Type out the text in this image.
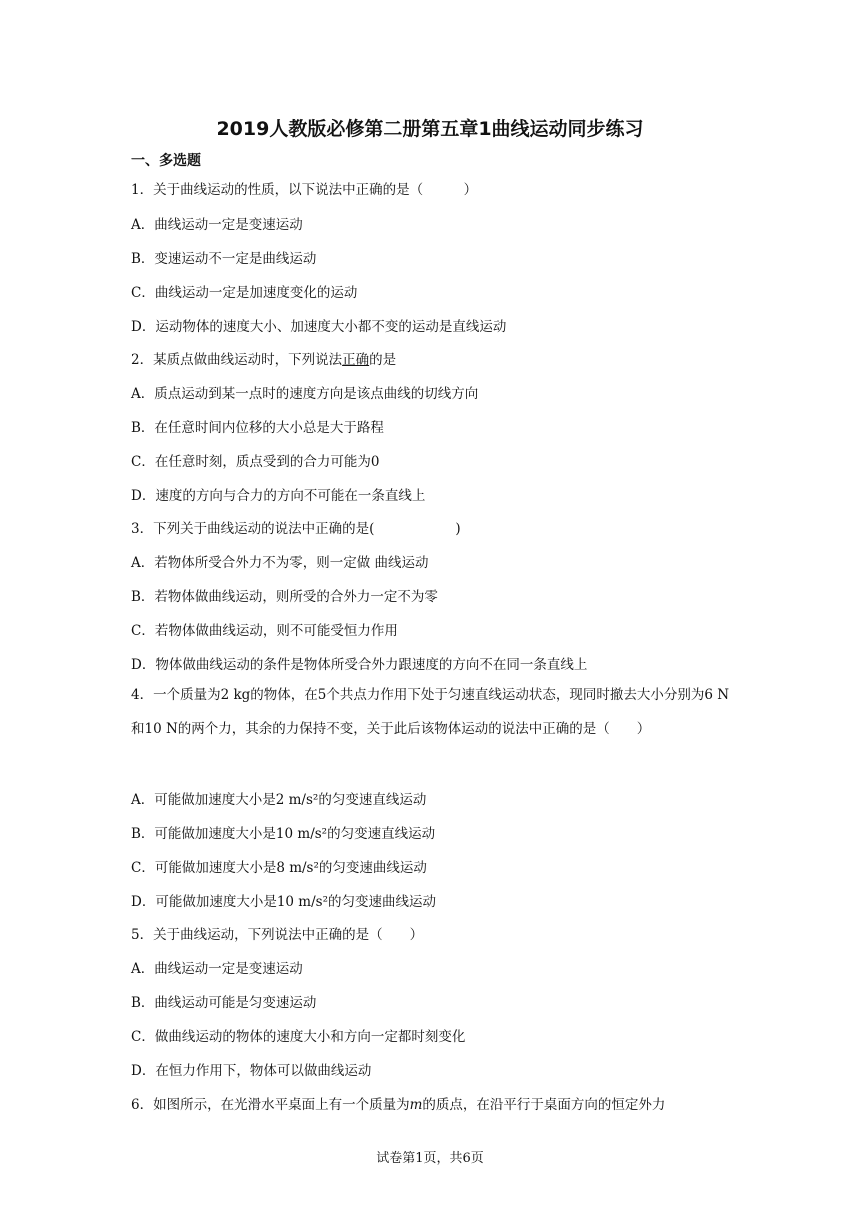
2019人教版必修第二册第五章1曲线运动同步练习
一、多选题
1．关于曲线运动的性质，以下说法中正确的是（　　　）
A．曲线运动一定是变速运动
B．变速运动不一定是曲线运动
C．曲线运动一定是加速度变化的运动
D．运动物体的速度大小、加速度大小都不变的运动是直线运动
2．某质点做曲线运动时，下列说法正确的是
A．质点运动到某一点时的速度方向是该点曲线的切线方向
B．在任意时间内位移的大小总是大于路程
C．在任意时刻，质点受到的合力可能为0
D．速度的方向与合力的方向不可能在一条直线上
3．下列关于曲线运动的说法中正确的是(　　　　　　)
A．若物体所受合外力不为零，则一定做 曲线运动
B．若物体做曲线运动，则所受的合外力一定不为零
C．若物体做曲线运动，则不可能受恒力作用
D．物体做曲线运动的条件是物体所受合外力跟速度的方向不在同一条直线上
4．一个质量为2 kg的物体，在5个共点力作用下处于匀速直线运动状态，现同时撤去大小分别为6 N和10 N的两个力，其余的力保持不变，关于此后该物体运动的说法中正确的是（　　）
A．可能做加速度大小是2 m/s²的匀变速直线运动
B．可能做加速度大小是10 m/s²的匀变速直线运动
C．可能做加速度大小是8 m/s²的匀变速曲线运动
D．可能做加速度大小是10 m/s²的匀变速曲线运动
5．关于曲线运动，下列说法中正确的是（　　）
A．曲线运动一定是变速运动
B．曲线运动可能是匀变速运动
C．做曲线运动的物体的速度大小和方向一定都时刻变化
D．在恒力作用下，物体可以做曲线运动
6．如图所示，在光滑水平桌面上有一个质量为m的质点，在沿平行于桌面方向的恒定外力
试卷第1页，共6页
